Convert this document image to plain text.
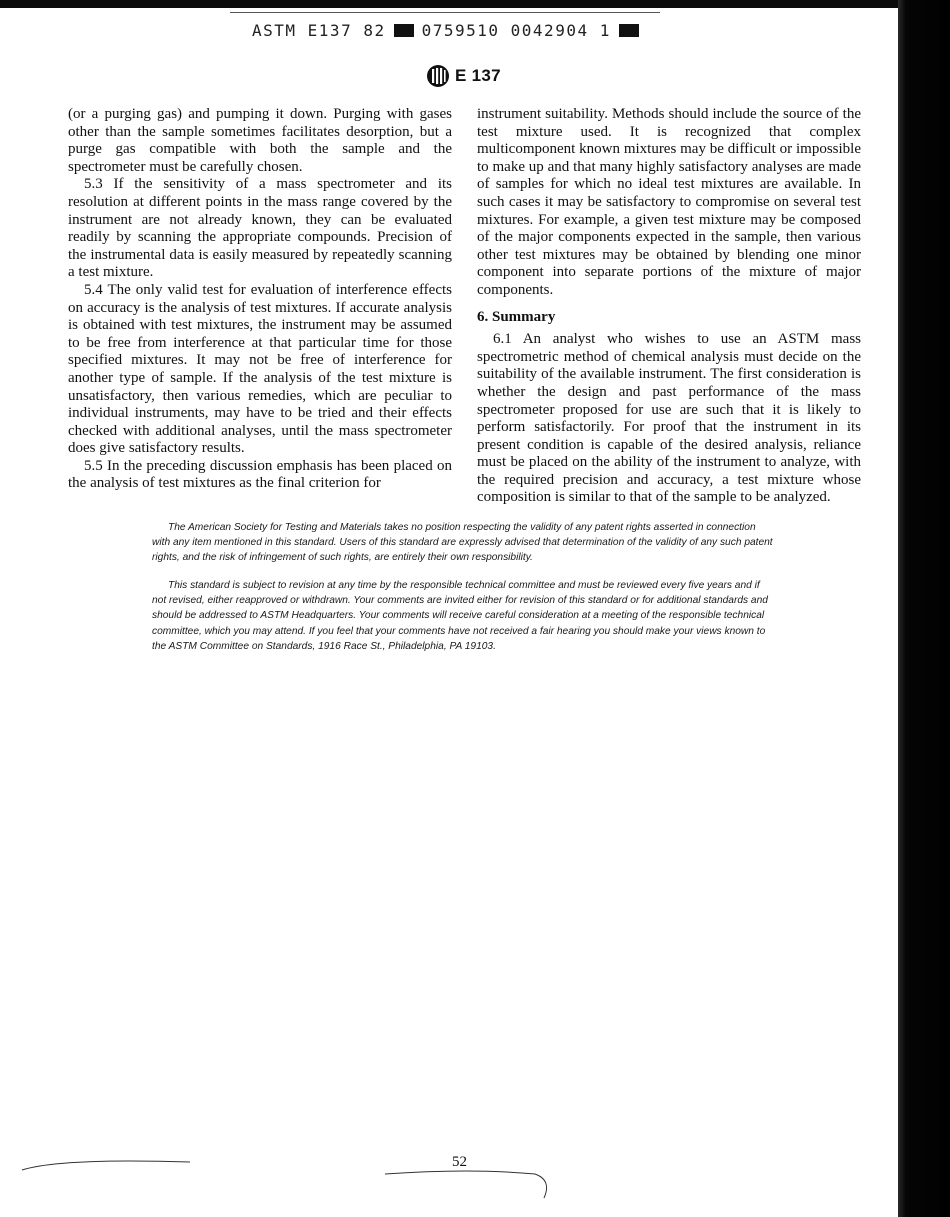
ASTM E137 82 0759510 0042904 1
E 137

(or a purging gas) and pumping it down. Purging with gases other than the sample sometimes facilitates desorption, but a purge gas compatible with both the sample and the spectrometer must be carefully chosen.

5.3 If the sensitivity of a mass spectrometer and its resolution at different points in the mass range covered by the instrument are not already known, they can be evaluated readily by scanning the appropriate compounds. Precision of the instrumental data is easily measured by repeatedly scanning a test mixture.

5.4 The only valid test for evaluation of interference effects on accuracy is the analysis of test mixtures. If accurate analysis is obtained with test mixtures, the instrument may be assumed to be free from interference at that particular time for those specified mixtures. It may not be free of interference for another type of sample. If the analysis of the test mixture is unsatisfactory, then various remedies, which are peculiar to individual instruments, may have to be tried and their effects checked with additional analyses, until the mass spectrometer does give satisfactory results.

5.5 In the preceding discussion emphasis has been placed on the analysis of test mixtures as the final criterion for

instrument suitability. Methods should include the source of the test mixture used. It is recognized that complex multicomponent known mixtures may be difficult or impossible to make up and that many highly satisfactory analyses are made of samples for which no ideal test mixtures are available. In such cases it may be satisfactory to compromise on several test mixtures. For example, a given test mixture may be composed of the major components expected in the sample, then various other test mixtures may be obtained by blending one minor component into separate portions of the mixture of major components.

6. Summary

6.1 An analyst who wishes to use an ASTM mass spectrometric method of chemical analysis must decide on the suitability of the available instrument. The first consideration is whether the design and past performance of the mass spectrometer proposed for use are such that it is likely to perform satisfactorily. For proof that the instrument in its present condition is capable of the desired analysis, reliance must be placed on the ability of the instrument to analyze, with the required precision and accuracy, a test mixture whose composition is similar to that of the sample to be analyzed.

The American Society for Testing and Materials takes no position respecting the validity of any patent rights asserted in connection with any item mentioned in this standard. Users of this standard are expressly advised that determination of the validity of any such patent rights, and the risk of infringement of such rights, are entirely their own responsibility.

This standard is subject to revision at any time by the responsible technical committee and must be reviewed every five years and if not revised, either reapproved or withdrawn. Your comments are invited either for revision of this standard or for additional standards and should be addressed to ASTM Headquarters. Your comments will receive careful consideration at a meeting of the responsible technical committee, which you may attend. If you feel that your comments have not received a fair hearing you should make your views known to the ASTM Committee on Standards, 1916 Race St., Philadelphia, PA 19103.

52
